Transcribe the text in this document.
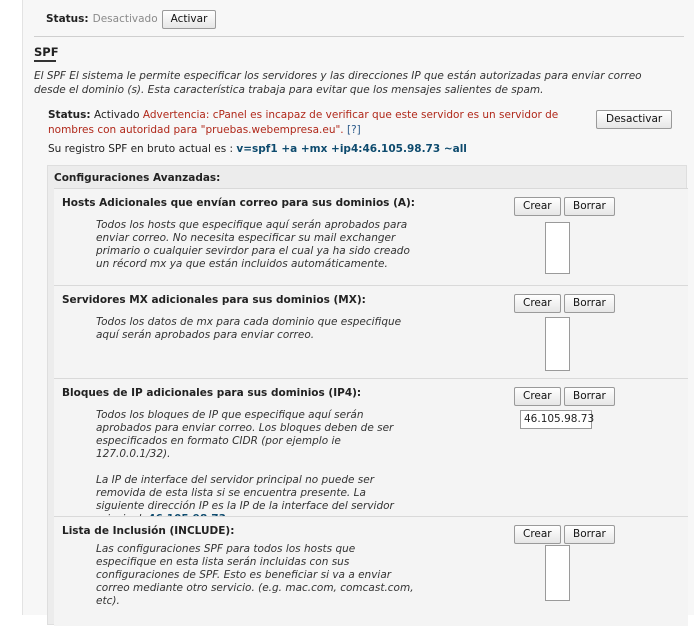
Status: Desactivado	Activar
SPF
El SPF El sistema le permite especificar los servidores y las direcciones IP que están autorizadas para enviar correo desde el dominio (s). Esta característica trabaja para evitar que los mensajes salientes de spam.
Status: Activado Advertencia: cPanel es incapaz de verificar que este servidor es un servidor de nombres con autoridad para "pruebas.webempresa.eu". [?]
Desactivar
Su registro SPF en bruto actual es : v=spf1 +a +mx +ip4:46.105.98.73 ~all
Configuraciones Avanzadas:
Hosts Adicionales que envían correo para sus dominios (A):
Todos los hosts que especifique aquí serán aprobados para enviar correo. No necesita especificar su mail exchanger primario o cualquier sevirdor para el cual ya ha sido creado un récord mx ya que están incluidos automáticamente.
Crear	Borrar
Servidores MX adicionales para sus dominios (MX):
Todos los datos de mx para cada dominio que especifique aquí serán aprobados para enviar correo.
Crear	Borrar
Bloques de IP adicionales para sus dominios (IP4):

Todos los bloques de IP que especifique aquí serán aprobados para enviar correo. Los bloques deben de ser especificados en formato CIDR (por ejemplo ie 127.0.0.1/32).

La IP de interface del servidor principal no puede ser removida de esta lista si se encuentra presente. La siguiente dirección IP es la IP de la interface del servidor

Crear	Borrar
46.105.98.73
Lista de Inclusión (INCLUDE):
Las configuraciones SPF para todos los hosts que especifique en esta lista serán incluidas con sus configuraciones de SPF. Esto es beneficiar si va a enviar correo mediante otro servicio. (e.g. mac.com, comcast.com, etc).
Crear	Borrar
